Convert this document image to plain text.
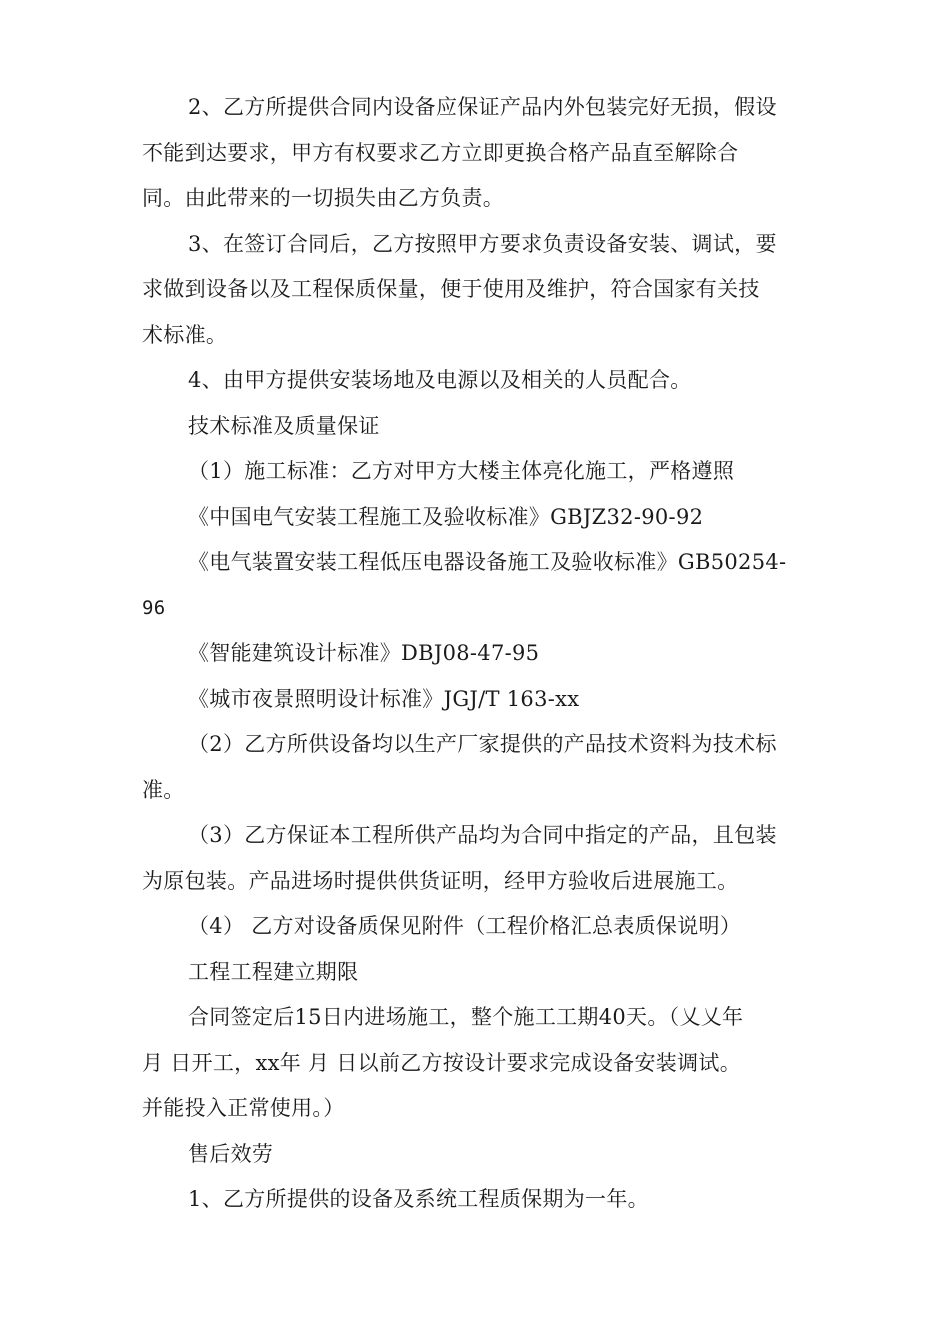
2、乙方所提供合同内设备应保证产品内外包装完好无损，假设
不能到达要求，甲方有权要求乙方立即更换合格产品直至解除合
同。由此带来的一切损失由乙方负责。
3、在签订合同后，乙方按照甲方要求负责设备安装、调试，要
求做到设备以及工程保质保量，便于使用及维护，符合国家有关技
术标准。
4、由甲方提供安装场地及电源以及相关的人员配合。
技术标准及质量保证
（1）施工标准：乙方对甲方大楼主体亮化施工，严格遵照
《中国电气安装工程施工及验收标准》GBJZ32-90-92
《电气装置安装工程低压电器设备施工及验收标准》GB50254-
96
《智能建筑设计标准》DBJ08-47-95
《城市夜景照明设计标准》JGJ/T 163-xx
（2）乙方所供设备均以生产厂家提供的产品技术资料为技术标
准。
（3）乙方保证本工程所供产品均为合同中指定的产品，且包装
为原包装。产品进场时提供供货证明，经甲方验收后进展施工。
（4） 乙方对设备质保见附件（工程价格汇总表质保说明）
工程工程建立期限
合同签定后15日内进场施工，整个施工工期40天。（乂乂年
月 日开工，xx年 月 日以前乙方按设计要求完成设备安装调试。
并能投入正常使用。）
售后效劳
1、乙方所提供的设备及系统工程质保期为一年。
